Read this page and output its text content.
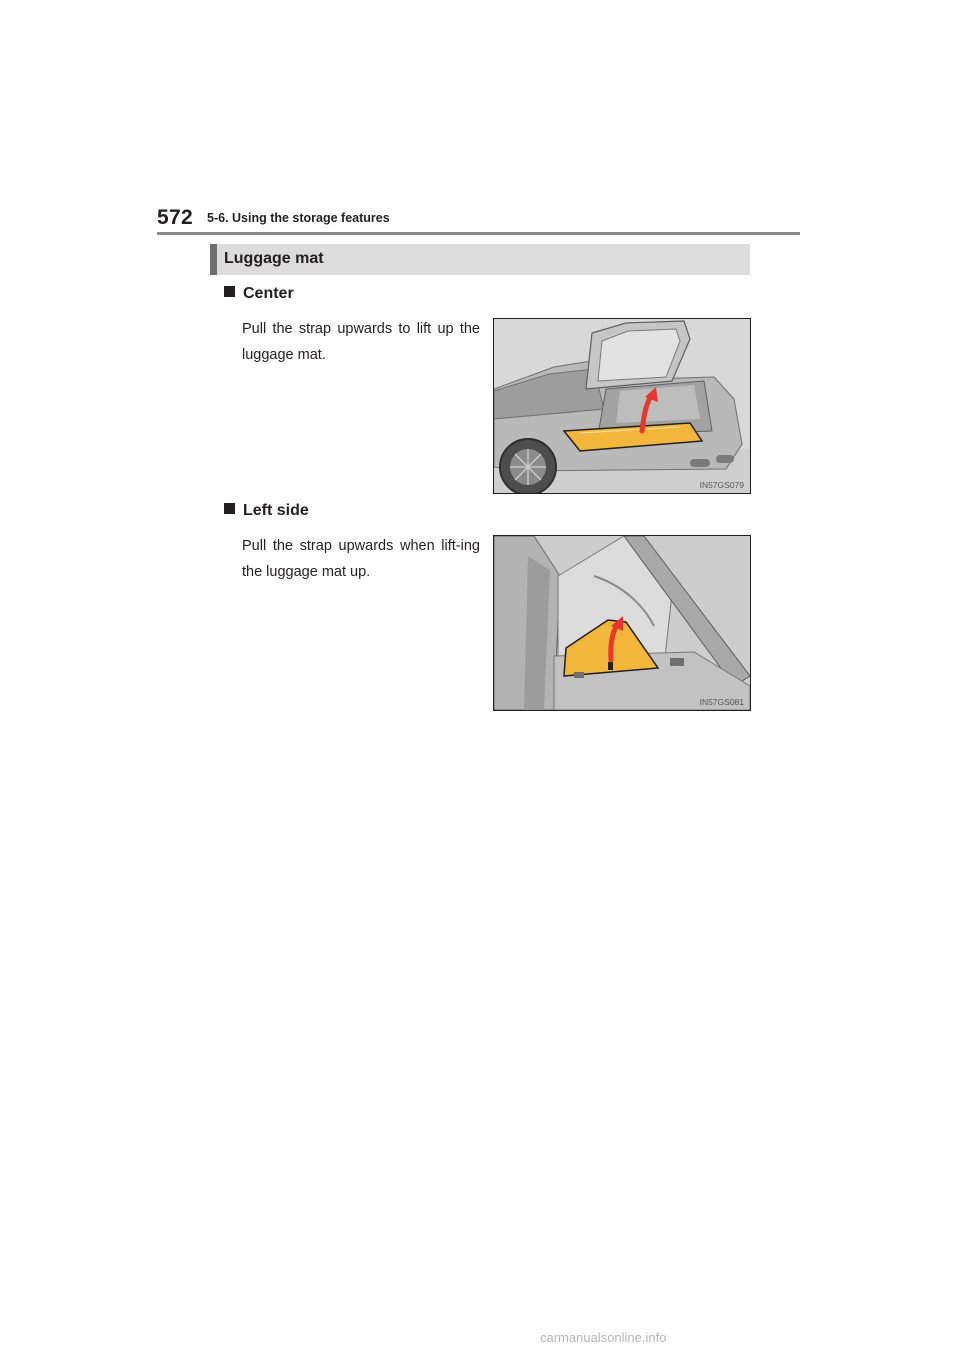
572 5-6. Using the storage features
Luggage mat
Center
Pull the strap upwards to lift up the luggage mat.
IN57GS079
Left side
Pull the strap upwards when lift-ing the luggage mat up.
IN57GS081
carmanualsonline.info
